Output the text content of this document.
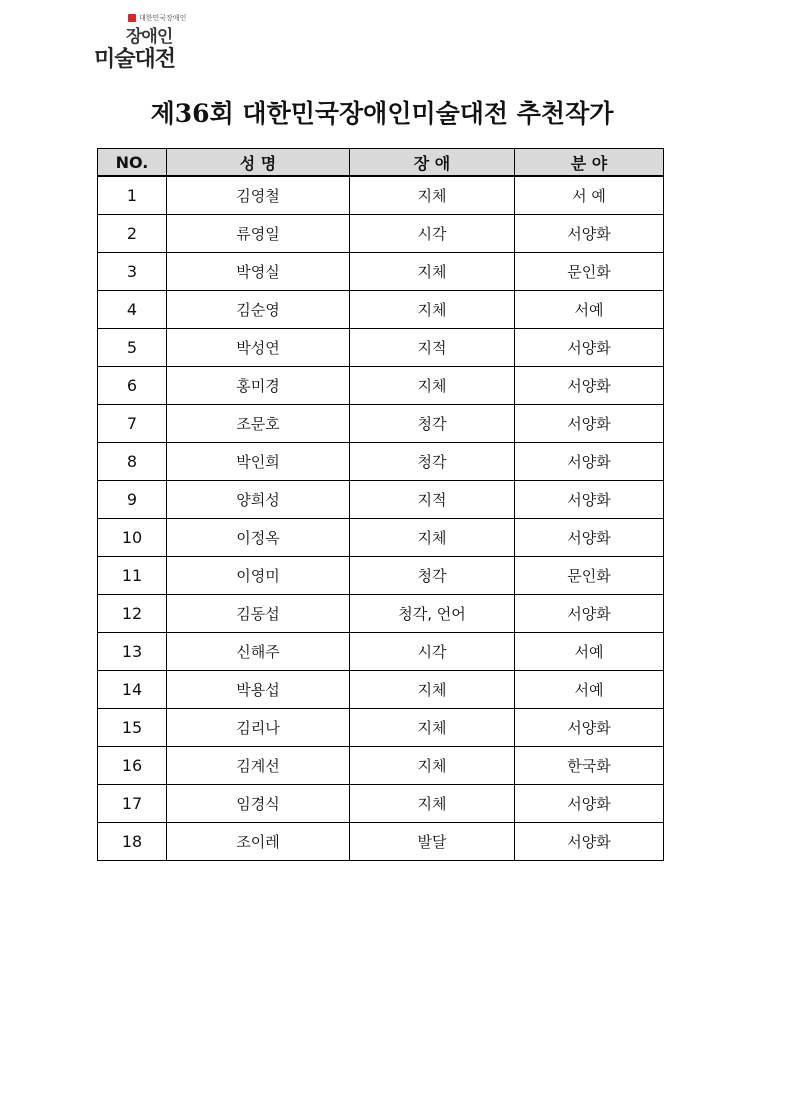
대한민국장애인
장애인
미술대전
제36회 대한민국장애인미술대전 추천작가
NO.	성 명	장 애	분 야
1	김영철	지체	서 예
2	류영일	시각	서양화
3	박영실	지체	문인화
4	김순영	지체	서예
5	박성연	지적	서양화
6	홍미경	지체	서양화
7	조문호	청각	서양화
8	박인희	청각	서양화
9	양희성	지적	서양화
10	이정옥	지체	서양화
11	이영미	청각	문인화
12	김동섭	청각, 언어	서양화
13	신해주	시각	서예
14	박용섭	지체	서예
15	김리나	지체	서양화
16	김계선	지체	한국화
17	임경식	지체	서양화
18	조이레	발달	서양화
